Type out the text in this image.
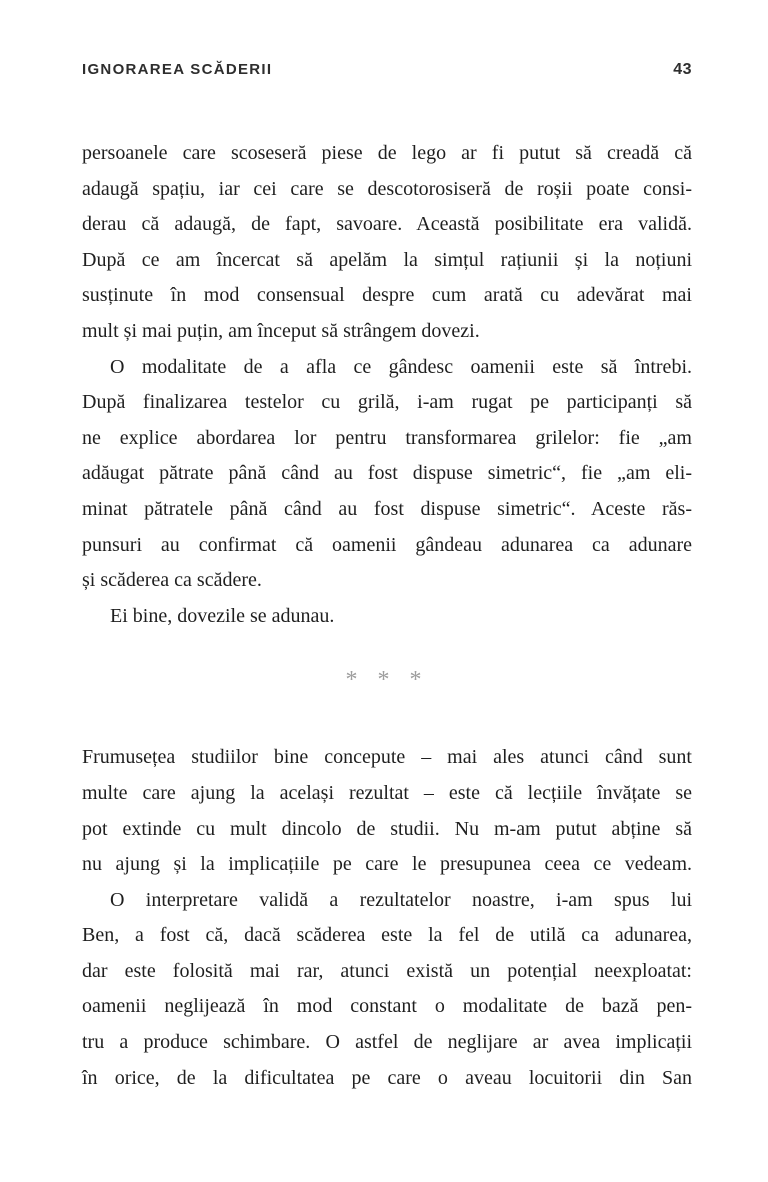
IGNORAREA SCĂDERII	43
persoanele care scoseseră piese de lego ar fi putut să creadă că
adaugă spațiu, iar cei care se descotorosiseră de roșii poate consi-
derau că adaugă, de fapt, savoare. Această posibilitate era validă.
După ce am încercat să apelăm la simțul rațiunii și la noțiuni
susținute în mod consensual despre cum arată cu adevărat mai
mult și mai puțin, am început să strângem dovezi.
O modalitate de a afla ce gândesc oamenii este să întrebi.
După finalizarea testelor cu grilă, i-am rugat pe participanți să
ne explice abordarea lor pentru transformarea grilelor: fie „am
adăugat pătrate până când au fost dispuse simetric“, fie „am eli-
minat pătratele până când au fost dispuse simetric“. Aceste răs-
punsuri au confirmat că oamenii gândeau adunarea ca adunare
și scăderea ca scădere.
Ei bine, dovezile se adunau.
* * *
Frumusețea studiilor bine concepute – mai ales atunci când sunt
multe care ajung la același rezultat – este că lecțiile învățate se
pot extinde cu mult dincolo de studii. Nu m-am putut abține să
nu ajung și la implicațiile pe care le presupunea ceea ce vedeam.
O interpretare validă a rezultatelor noastre, i-am spus lui
Ben, a fost că, dacă scăderea este la fel de utilă ca adunarea,
dar este folosită mai rar, atunci există un potențial neexploatat:
oamenii neglijează în mod constant o modalitate de bază pen-
tru a produce schimbare. O astfel de neglijare ar avea implicații
în orice, de la dificultatea pe care o aveau locuitorii din San
